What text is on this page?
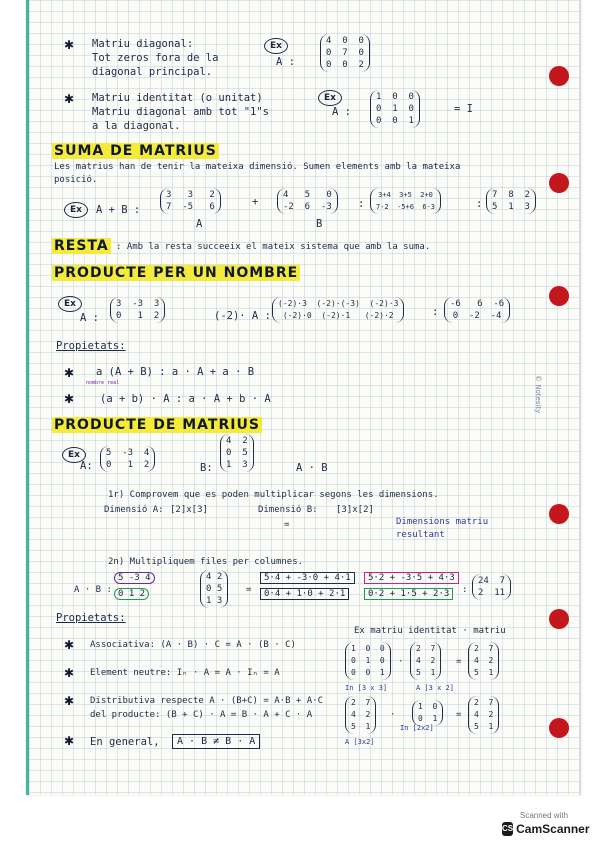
© Notesity
✱ Matriu diagonal:
Tot zeros fora de la
diagonal principal.
Ex
A :
4  0  0
0  7  0
0  0  2
✱ Matriu identitat (o unitat)
Matriu diagonal amb tot "1"s
a la diagonal.
Ex
A :
1  0  0
0  1  0
0  0  1
= I
SUMA DE MATRIUS
Les matrius han de tenir la mateixa dimensió. Sumen elements amb la mateixa
posició.
Ex	A + B :
3   3   2
7  -5   6
A
+
4   5   0
-2  6  -3
B
:
3+4  3+5  2+0
7-2  -5+6  6-3	:
7  8  2
5  1  3
RESTA : Amb la resta succeeix el mateix sistema que amb la suma.
PRODUCTE PER UN NOMBRE
Ex
A :
3  -3  3
0   1  2	(-2)· A :
(-2)·3  (-2)·(-3)  (-2)·3
(-2)·0  (-2)·1   (-2)·2	:
-6   6  -6
0  -2  -4
Propietats:
✱ a (A + B) : a · A + a · B
nombre real
✱ (a + b) · A : a · A + b · A
PRODUCTE DE MATRIUS
Ex
A:
5  -3  4
0   1  2	B:
4  2
0  5
1  3	A · B
1r) Comprovem que es poden multiplicar segons les dimensions.
Dimensió A: [2]x[3]	Dimensió B: [3]x[2]
=	Dimensions matriu
resultant
2n) Multipliquem files per columnes.
A · B :
5 -3 4
0 1 2
4 2
0 5
1 3
=
5·4 + -3·0 + 4·1	5·2 + -3·5 + 4·3
0·4 + 1·0 + 2·1	0·2 + 1·5 + 2·3	:
24  7
2  11
Propietats:
✱ Associativa: (A · B) · C = A · (B · C)
✱ Element neutre: Iₙ · A = A · Iₙ = A
✱ Distributiva respecte A · (B+C) = A·B + A·C
del producte: (B + C) · A = B · A + C · A
✱ En general,	A · B ≠ B · A
Ex matriu identitat · matriu
1  0  0
0  1  0
0  0  1
·
2  7
4  2
5  1
=
2  7
4  2
5  1
In [3 x 3]	A [3 x 2]
2  7
4  2
5  1
·
1  0
0  1 =
2  7
4  2
5  1
A [3x2]
In [2x2]
Scanned with
CS CamScanner
